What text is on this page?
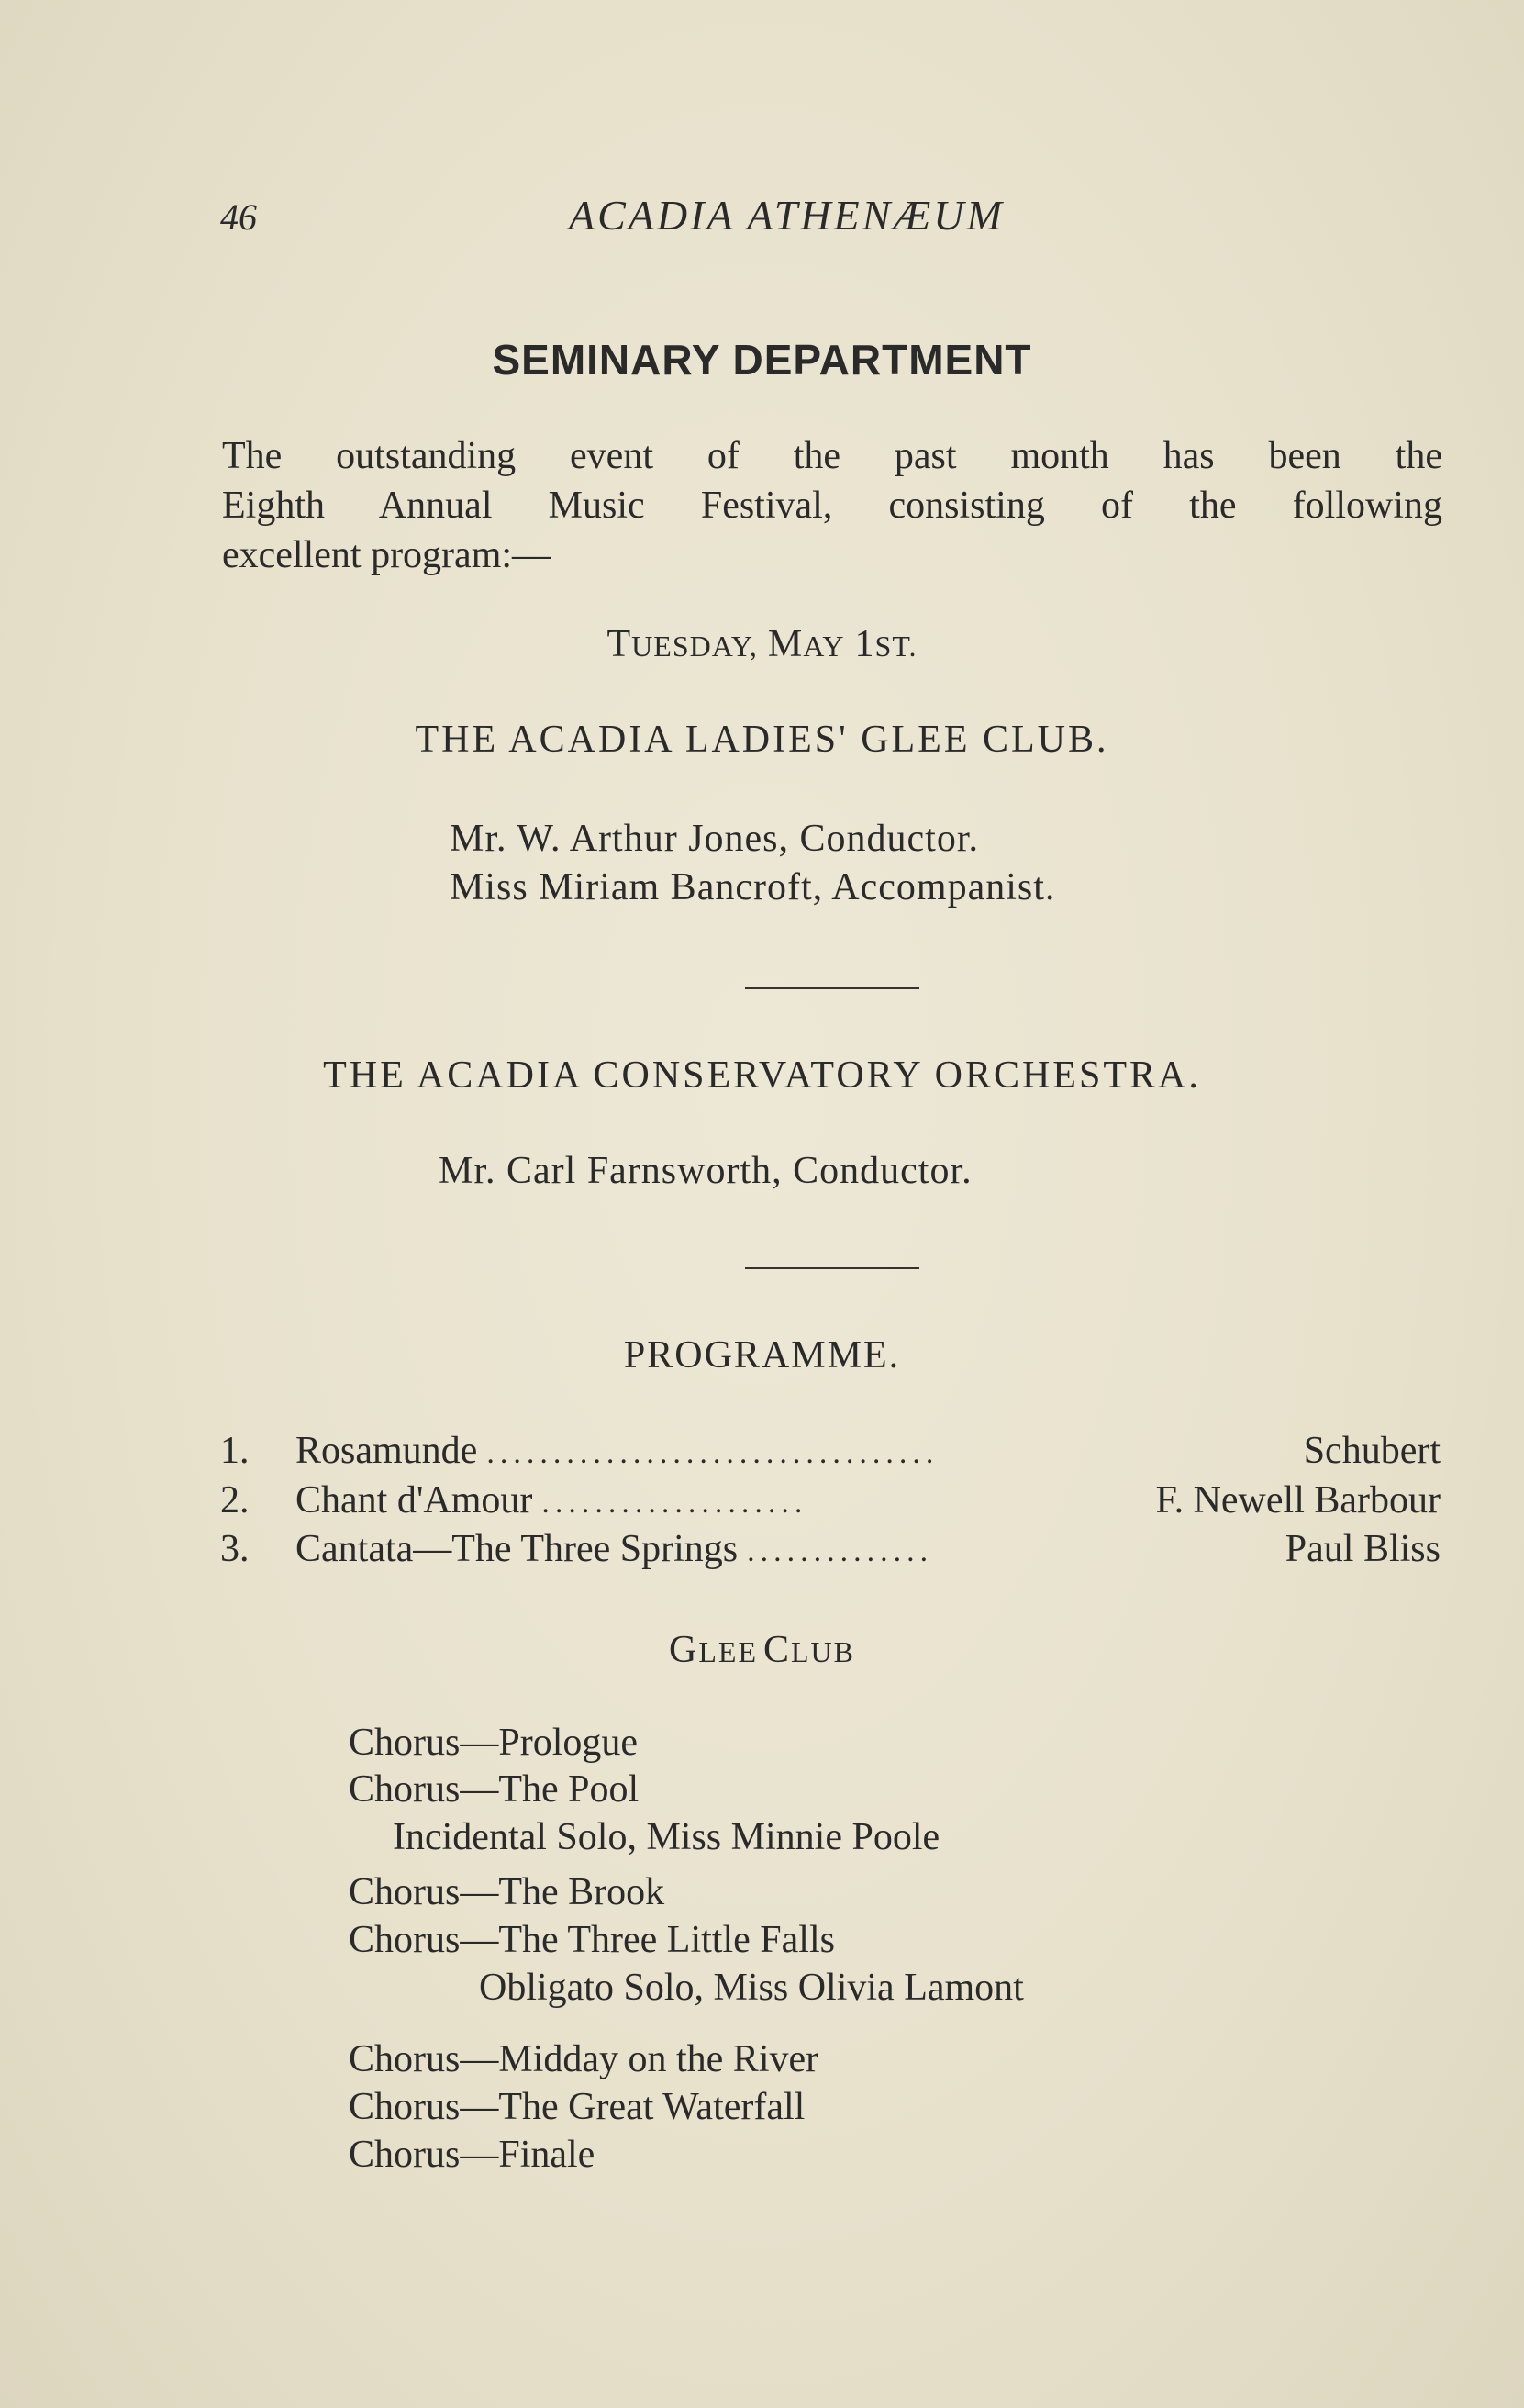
46	ACADIA ATHENÆUM
SEMINARY DEPARTMENT
The outstanding event of the past month has been the
Eighth Annual Music Festival, consisting of the following
excellent program:—
TUESDAY, MAY 1ST.
THE ACADIA LADIES' GLEE CLUB.
Mr. W. Arthur Jones, Conductor.
Miss Miriam Bancroft, Accompanist.
THE ACADIA CONSERVATORY ORCHESTRA.
Mr. Carl Farnsworth, Conductor.
PROGRAMME.
1.	Rosamunde ..................................	Schubert
2.	Chant d'Amour ....................	F. Newell Barbour
3.	Cantata—The Three Springs ..............	Paul Bliss
GLEE CLUB
Chorus—Prologue
Chorus—The Pool
Incidental Solo, Miss Minnie Poole
Chorus—The Brook
Chorus—The Three Little Falls
Obligato Solo, Miss Olivia Lamont
Chorus—Midday on the River
Chorus—The Great Waterfall
Chorus—Finale
